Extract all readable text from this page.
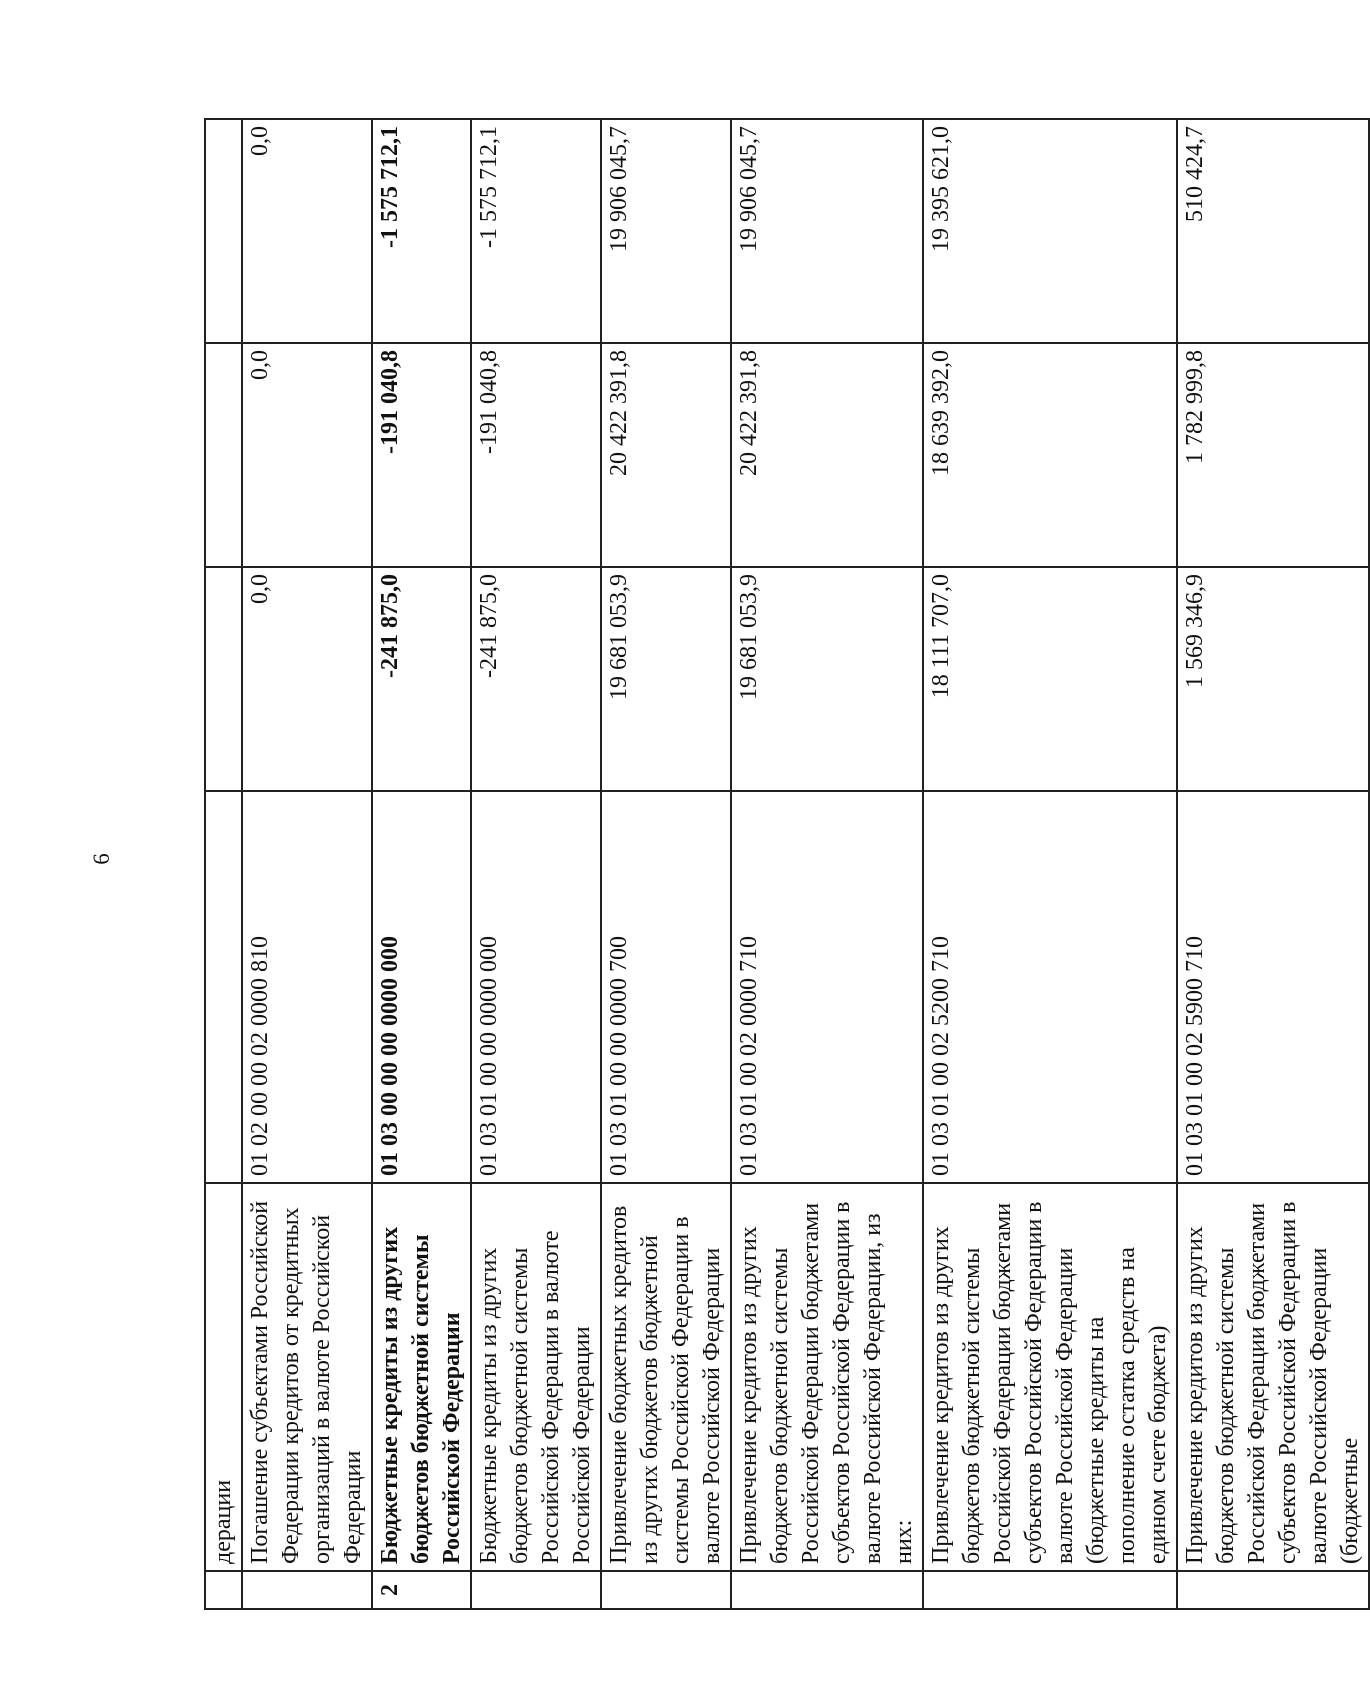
6
	дерации				
	Погашение субъектами Российской Федерации кредитов от кредитных организаций в валюте Российской Федерации	01 02 00 00 02 0000 810	0,0	0,0	0,0
2	Бюджетные кредиты из других бюджетов бюджетной системы Российской Федерации	01 03 00 00 00 0000 000	-241 875,0	-191 040,8	-1 575 712,1
	Бюджетные кредиты из других бюджетов бюджетной системы Российской Федерации в валюте Российской Федерации	01 03 01 00 00 0000 000	-241 875,0	-191 040,8	-1 575 712,1
	Привлечение бюджетных кредитов из других бюджетов бюджетной системы Российской Федерации в валюте Российской Федерации	01 03 01 00 00 0000 700	19 681 053,9	20 422 391,8	19 906 045,7
	Привлечение кредитов из других бюджетов бюджетной системы Российской Федерации бюджетами субъектов Российской Федерации в валюте Российской Федерации, из них:	01 03 01 00 02 0000 710	19 681 053,9	20 422 391,8	19 906 045,7
	Привлечение кредитов из других бюджетов бюджетной системы Российской Федерации бюджетами субъектов Российской Федерации в валюте Российской Федерации (бюджетные кредиты на пополнение остатка средств на едином счете бюджета)	01 03 01 00 02 5200 710	18 111 707,0	18 639 392,0	19 395 621,0
	Привлечение кредитов из других бюджетов бюджетной системы Российской Федерации бюджетами субъектов Российской Федерации в валюте Российской Федерации (бюджетные	01 03 01 00 02 5900 710	1 569 346,9	1 782 999,8	510 424,7
